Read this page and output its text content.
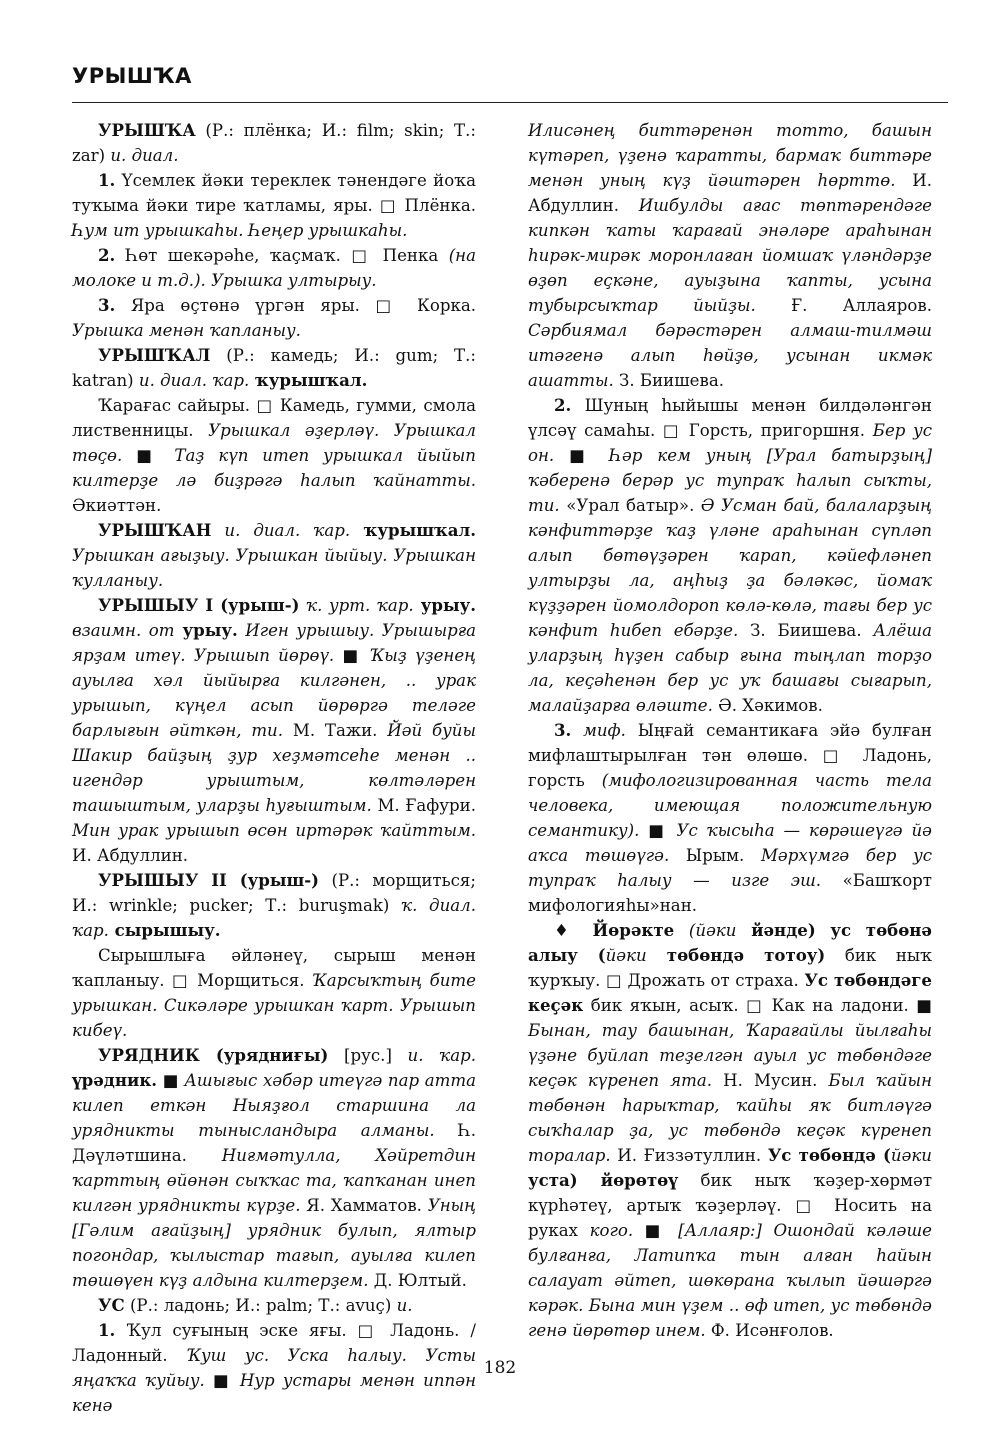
УРЫШҠА

УРЫШҠА (Р.: плёнка; И.: film; skin; Т.: zar) и. диал.

1. Үсемлек йәки тереклек тәнендәге йоҡа туҡыма йәки тире ҡатламы, яры. □ Плёнка. Һум ит урышкаһы. Һеңер урышкаһы.

2. Һөт шекәрәһе, ҡаҫмаҡ. □ Пенка (на молоке и т.д.). Урышка ултырыу.

3. Яра өҫтөнә үргән яры. □ Корка. Урышка менән ҡапланыу.

УРЫШҠАЛ (Р.: камедь; И.: gum; Т.: katran) и. диал. ҡар. ҡурышҡал.

Ҡарағас сайыры. □ Камедь, гумми, смола лиственницы. Урышкал әҙерләү. Урышкал төҫө. ■ Таҙ күп итеп урышкал йыйып килтерҙе лә биҙрәгә һалып ҡайнатты. Әкиәттән.

УРЫШҠАН и. диал. ҡар. ҡурышҡал. Урышкан ағыҙыу. Урышкан йыйыу. Урышкан ҡулланыу.

УРЫШЫУ I (урыш-) ҡ. урт. ҡар. урыу. взаимн. от урыу. Иген урышыу. Урышырға ярҙам итеү. Урышып йөрөү. ■ Ҡыҙ үҙенең ауылға хәл йыйырға килгәнен, .. урак урышып, күңел асып йөрөргә теләге барлығын әйткән, ти. М. Тажи. Йәй буйы Шакир байҙың ҙур хеҙмәтсеһе менән .. игендәр урыштым, көлтәләрен ташыштым, уларҙы һуғыштым. М. Ғафури. Мин урак урышып өсөн иртәрәк ҡайттым. И. Абдуллин.

УРЫШЫУ II (урыш-) (Р.: морщиться; И.: wrinkle; pucker; Т.: buruşmak) ҡ. диал. ҡар. сырышыу.

Сырышлыға әйләнеү, сырыш менән ҡапланыу. □ Морщиться. Ҡарсыҡтың бите урышкан. Сикәләре урышкан ҡарт. Урышып кибеү.

УРЯДНИК (урядниғы) [рус.] и. ҡар. үрәдник. ■ Ашығыс хәбәр итеүгә пар атта килеп еткән Ныяҙғол старшина ла урядникты тынысландыра алманы. Һ. Дәүләтшина. Ниғмәтулла, Хәйретдин ҡарттың өйөнән сыҡҡас та, ҡапҡанан инеп килгән урядникты күрҙе. Я. Хамматов. Уның [Гәлим ағайҙың] урядник булып, ялтыр погондар, ҡылыстар тағып, ауылға килеп төшөүен күҙ алдына килтерҙем. Д. Юлтый.

УС (Р.: ладонь; И.: palm; Т.: avuç) и.

1. Ҡул суғының эске яғы. □ Ладонь. / Ладонный. Ҡуш ус. Уска һалыу. Усты яңаҡҡа ҡуйыу. ■ Нур устары менән иппән кенә

Илисәнең биттәренән тотто, башын күтәреп, үҙенә ҡаратты, бармаҡ биттәре менән уның күҙ йәштәрен һөрттө. И. Абдуллин. Ишбулды ағас төптәрендәге кипкән ҡаты ҡарағай энәләре араһынан һирәк-мирәк моронлаған йомшаҡ үләндәрҙе өҙөп еҫкәне, ауыҙына ҡапты, усына тубырсыҡтар йыйҙы. Ғ. Аллаяров. Сәрбиямал бәрәстәрен алмаш-тилмәш итәгенә алып һөйҙө, усынан икмәк ашатты. З. Биишева.

2. Шуның һыйышы менән билдәләнгән үлсәү самаһы. □ Горсть, пригоршня. Бер ус он. ■ Һәр кем уның [Урал батырҙың] ҡәберенә берәр ус тупраҡ һалып сыҡты, ти. «Урал батыр». Ә Усман бай, балаларҙың кәнфиттәрҙе ҡаҙ үләне араһынан сүпләп алып бөтөүҙәрен ҡарап, кәйефләнеп ултырҙы ла, аңһыҙ ҙа бәләкәс, йомаҡ күҙҙәрен йомолдороп көлә-көлә, тағы бер ус кәнфит һибеп ебәрҙе. З. Биишева. Алёша уларҙың һүҙен сабыр ғына тыңлап торҙо ла, кеҫәһенән бер ус уҡ башағы сығарып, малайҙарға өләште. Ә. Хәкимов.

3. миф. Ыңғай семантикаға эйә булған мифлаштырылған тән өлөшө. □ Ладонь, горсть (мифологизированная часть тела человека, имеющая положительную семантику). ■ Ус ҡысыһа — көрәшеүгә йә аҡса төшөүгә. Ырым. Мәрхүмгә бер ус тупраҡ һалыу — изге эш. «Башҡорт мифологияһы»нан.

♦ Йөрәкте (йәки йәнде) ус төбөнә алыу (йәки төбөндә тотоу) бик ныҡ ҡурҡыу. □ Дрожать от страха. Ус төбөндәге кеҫәк бик яҡын, асыҡ. □ Как на ладони. ■ Бынан, тау башынан, Ҡарағайлы йылғаһы үҙәне буйлап теҙелгән ауыл ус төбөндәге кеҫәк күренеп ята. Н. Мусин. Был ҡайын төбөнән һарыҡтар, ҡайһы яҡ битләүгә сыҡһалар ҙа, ус төбөндә кеҫәк күренеп торалар. И. Ғиззәтуллин. Ус төбөндә (йәки уста) йөрөтөү бик ныҡ ҡәҙер-хөрмәт күрһәтеү, артыҡ ҡәҙерләү. □ Носить на руках кого. ■ [Аллаяр:] Ошондай кәләше булғанға, Латипҡа тын алған һайын салауат әйтеп, шөкөрана ҡылып йәшәргә кәрәк. Бына мин үҙем .. өф итеп, ус төбөндә генә йөрөтөр инем. Ф. Исәнғолов.

182
